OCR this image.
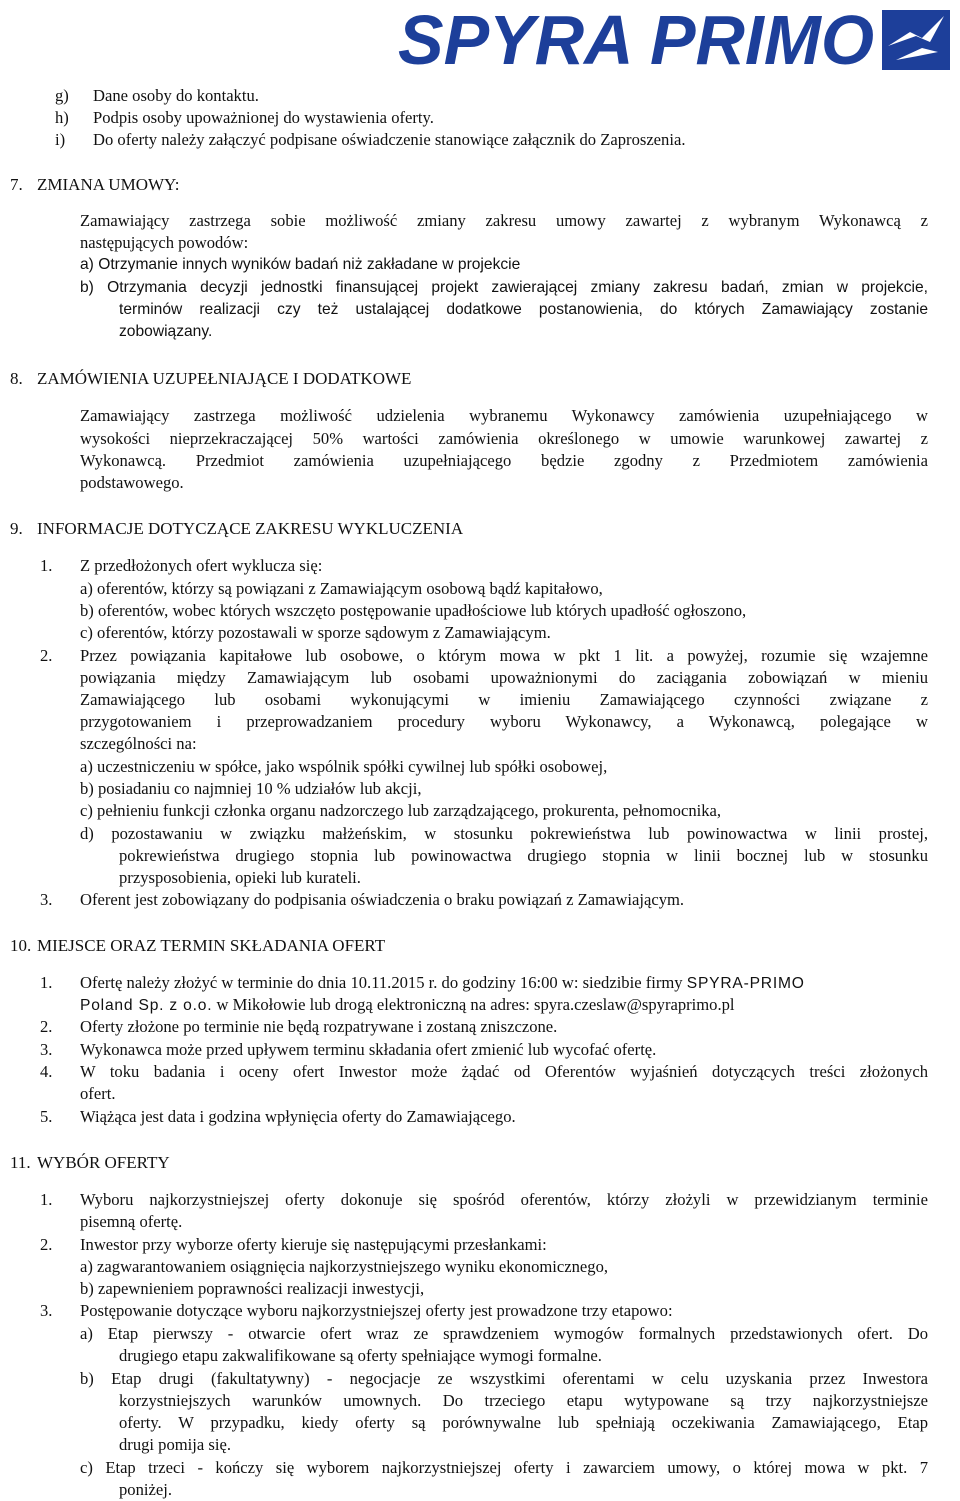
SPYRA PRIMO
g) Dane osoby do kontaktu.
h) Podpis osoby upoważnionej do wystawienia oferty.
i) Do oferty należy załączyć podpisane oświadczenie stanowiące załącznik do Zaproszenia.
7. ZMIANA UMOWY:
Zamawiający zastrzega sobie możliwość zmiany zakresu umowy zawartej z wybranym Wykonawcą z
następujących powodów:
a) Otrzymanie innych wyników badań niż zakładane w projekcie
b) Otrzymania decyzji jednostki finansującej projekt zawierającej zmiany zakresu badań, zmian w projekcie,
terminów realizacji czy też ustalającej dodatkowe postanowienia, do których Zamawiający zostanie
zobowiązany.
8. ZAMÓWIENIA UZUPEŁNIAJĄCE I DODATKOWE
Zamawiający zastrzega możliwość udzielenia wybranemu Wykonawcy zamówienia uzupełniającego w
wysokości nieprzekraczającej 50% wartości zamówienia określonego w umowie warunkowej zawartej z
Wykonawcą. Przedmiot zamówienia uzupełniającego będzie zgodny z Przedmiotem zamówienia
podstawowego.
9. INFORMACJE DOTYCZĄCE ZAKRESU WYKLUCZENIA
1. Z przedłożonych ofert wyklucza się:
a) oferentów, którzy są powiązani z Zamawiającym osobową bądź kapitałowo,
b) oferentów, wobec których wszczęto postępowanie upadłościowe lub których upadłość ogłoszono,
c) oferentów, którzy pozostawali w sporze sądowym z Zamawiającym.
2. Przez powiązania kapitałowe lub osobowe, o którym mowa w pkt 1 lit. a powyżej, rozumie się wzajemne
powiązania między Zamawiającym lub osobami upoważnionymi do zaciągania zobowiązań w mieniu
Zamawiającego lub osobami wykonującymi w imieniu Zamawiającego czynności związane z
przygotowaniem i przeprowadzaniem procedury wyboru Wykonawcy, a Wykonawcą, polegające w
szczególności na:
a) uczestniczeniu w spółce, jako wspólnik spółki cywilnej lub spółki osobowej,
b) posiadaniu co najmniej 10 % udziałów lub akcji,
c) pełnieniu funkcji członka organu nadzorczego lub zarządzającego, prokurenta, pełnomocnika,
d) pozostawaniu w związku małżeńskim, w stosunku pokrewieństwa lub powinowactwa w linii prostej,
pokrewieństwa drugiego stopnia lub powinowactwa drugiego stopnia w linii bocznej lub w stosunku
przysposobienia, opieki lub kurateli.
3. Oferent jest zobowiązany do podpisania oświadczenia o braku powiązań z Zamawiającym.
10. MIEJSCE ORAZ TERMIN SKŁADANIA OFERT
1. Ofertę należy złożyć w terminie do dnia 10.11.2015 r. do godziny 16:00 w: siedzibie firmy SPYRA-PRIMO
Poland Sp. z o.o. w Mikołowie lub drogą elektroniczną na adres: spyra.czeslaw@spyraprimo.pl
2. Oferty złożone po terminie nie będą rozpatrywane i zostaną zniszczone.
3. Wykonawca może przed upływem terminu składania ofert zmienić lub wycofać ofertę.
4. W toku badania i oceny ofert Inwestor może żądać od Oferentów wyjaśnień dotyczących treści złożonych
ofert.
5. Wiążąca jest data i godzina wpłynięcia oferty do Zamawiającego.
11. WYBÓR OFERTY
1. Wyboru najkorzystniejszej oferty dokonuje się spośród oferentów, którzy złożyli w przewidzianym terminie
pisemną ofertę.
2. Inwestor przy wyborze oferty kieruje się następującymi przesłankami:
a) zagwarantowaniem osiągnięcia najkorzystniejszego wyniku ekonomicznego,
b) zapewnieniem poprawności realizacji inwestycji,
3. Postępowanie dotyczące wyboru najkorzystniejszej oferty jest prowadzone trzy etapowo:
a) Etap pierwszy - otwarcie ofert wraz ze sprawdzeniem wymogów formalnych przedstawionych ofert. Do
drugiego etapu zakwalifikowane są oferty spełniające wymogi formalne.
b) Etap drugi (fakultatywny) - negocjacje ze wszystkimi oferentami w celu uzyskania przez Inwestora
korzystniejszych warunków umownych. Do trzeciego etapu wytypowane są trzy najkorzystniejsze
oferty. W przypadku, kiedy oferty są porównywalne lub spełniają oczekiwania Zamawiającego, Etap
drugi pomija się.
c) Etap trzeci - kończy się wyborem najkorzystniejszej oferty i zawarciem umowy, o której mowa w pkt. 7
poniżej.
